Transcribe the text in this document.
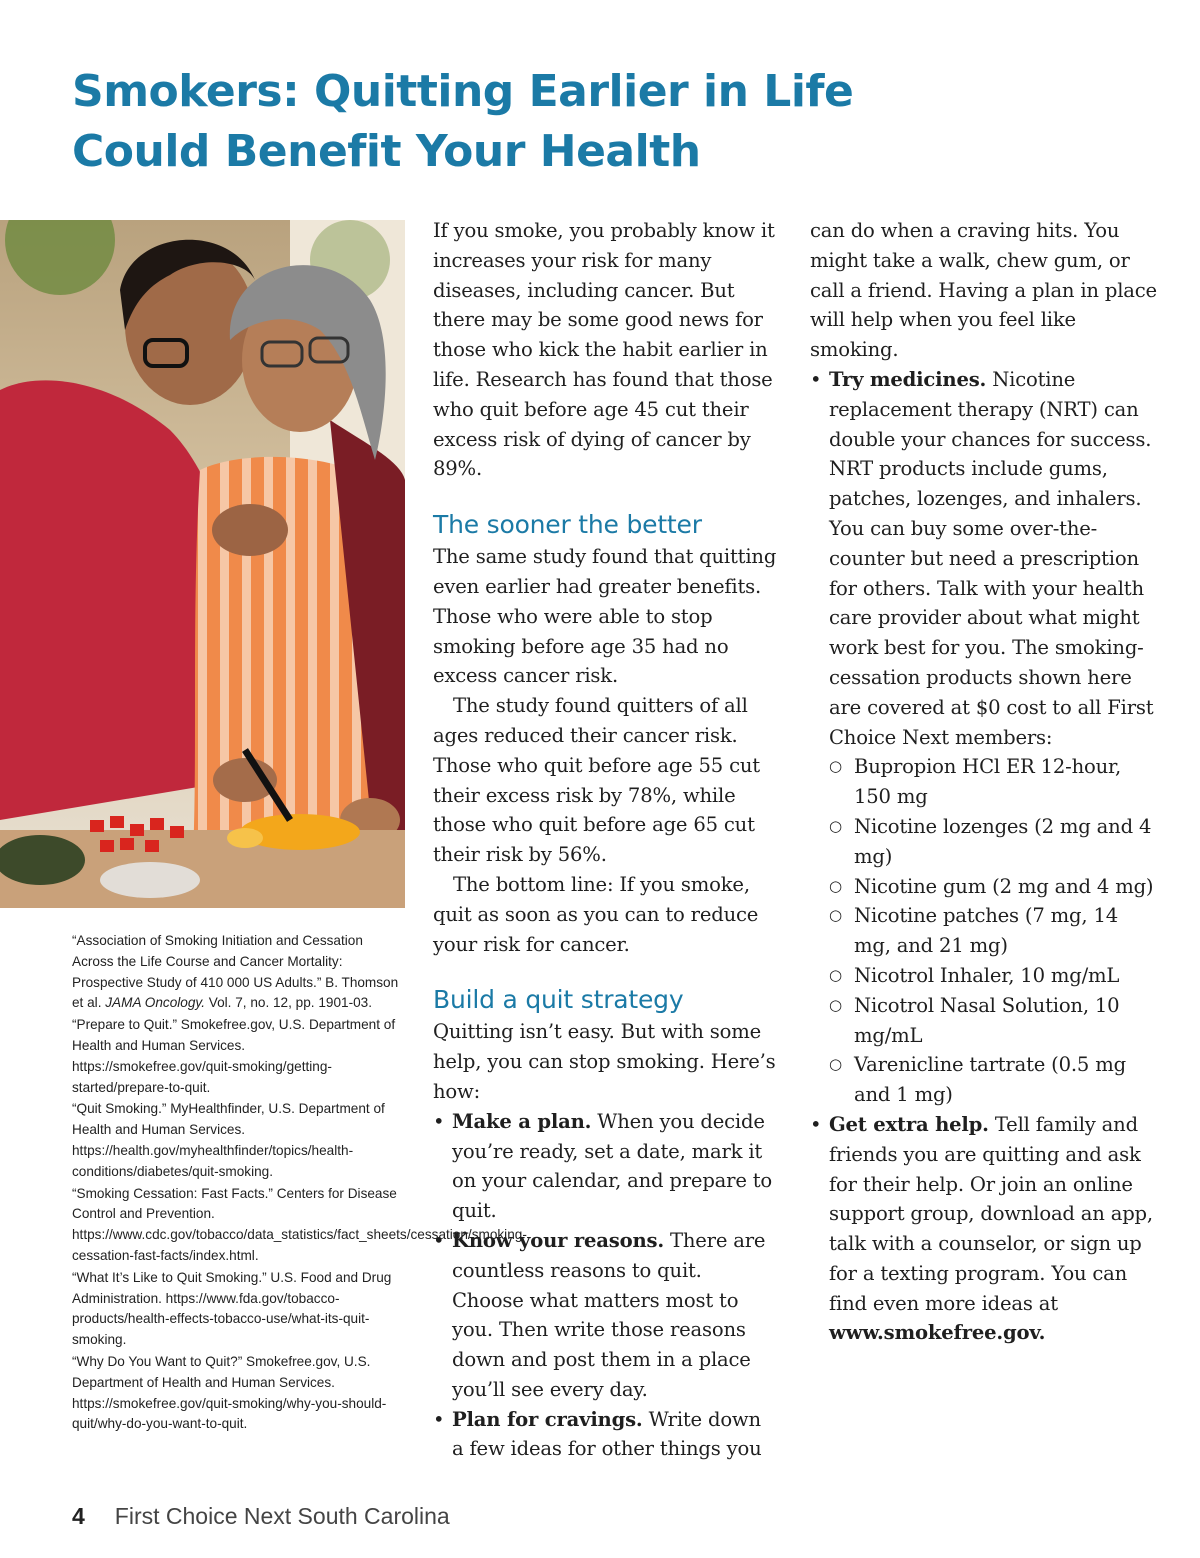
Smokers: Quitting Earlier in Life
Could Benefit Your Health

“Association of Smoking Initiation and Cessation Across the Life Course and Cancer Mortality: Prospective Study of 410 000 US Adults.” B. Thomson et al. JAMA Oncology. Vol. 7, no. 12, pp. 1901-03.

“Prepare to Quit.” Smokefree.gov, U.S. Department of Health and Human Services. https://smokefree.gov/quit-smoking/getting-started/prepare-to-quit.

“Quit Smoking.” MyHealthfinder, U.S. Department of Health and Human Services. https://health.gov/myhealthfinder/topics/health-conditions/diabetes/quit-smoking.

“Smoking Cessation: Fast Facts.” Centers for Disease Control and Prevention. https://www.cdc.gov/tobacco/data_statistics/fact_sheets/cessation/smoking-cessation-fast-facts/index.html.

“What It’s Like to Quit Smoking.” U.S. Food and Drug Administration. https://www.fda.gov/tobacco-products/health-effects-tobacco-use/what-its-quit-smoking.

“Why Do You Want to Quit?” Smokefree.gov, U.S. Department of Health and Human Services. https://smokefree.gov/quit-smoking/why-you-should-quit/why-do-you-want-to-quit.

If you smoke, you probably know it increases your risk for many diseases, including cancer. But there may be some good news for those who kick the habit earlier in life. Research has found that those who quit before age 45 cut their excess risk of dying of cancer by 89%.

The sooner the better

The same study found that quitting even earlier had greater benefits. Those who were able to stop smoking before age 35 had no excess cancer risk.

The study found quitters of all ages reduced their cancer risk. Those who quit before age 55 cut their excess risk by 78%, while those who quit before age 65 cut their risk by 56%.

The bottom line: If you smoke, quit as soon as you can to reduce your risk for cancer.

Build a quit strategy

Quitting isn’t easy. But with some help, you can stop smoking. Here’s how:

• Make a plan. When you decide you’re ready, set a date, mark it on your calendar, and prepare to quit.
• Know your reasons. There are countless reasons to quit. Choose what matters most to you. Then write those reasons down and post them in a place you’ll see every day.
• Plan for cravings. Write down a few ideas for other things you
can do when a craving hits. You might take a walk, chew gum, or call a friend. Having a plan in place will help when you feel like smoking.
• Try medicines. Nicotine replacement therapy (NRT) can double your chances for success. NRT products include gums, patches, lozenges, and inhalers. You can buy some over-the-counter but need a prescription for others. Talk with your health care provider about what might work best for you. The smoking-cessation products shown here are covered at $0 cost to all First Choice Next members:
○ Bupropion HCl ER 12-hour, 150 mg
○ Nicotine lozenges (2 mg and 4 mg)
○ Nicotine gum (2 mg and 4 mg)
○ Nicotine patches (7 mg, 14 mg, and 21 mg)
○ Nicotrol Inhaler, 10 mg/mL
○ Nicotrol Nasal Solution, 10 mg/mL
○ Varenicline tartrate (0.5 mg and 1 mg)
• Get extra help. Tell family and friends you are quitting and ask for their help. Or join an online support group, download an app, talk with a counselor, or sign up for a texting program. You can find even more ideas at www.smokefree.gov.
4 First Choice Next South Carolina
